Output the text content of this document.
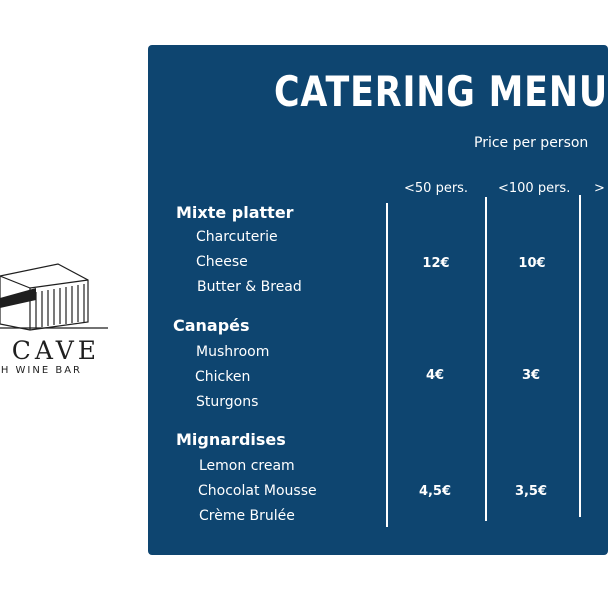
CAVE
H WINE BAR
CATERING MENU
Price per person
<50 pers. <100 pers. >
Mixte platter
Charcuterie
Cheese
Butter & Bread
12€	10€
Canapés
Mushroom
Chicken
Sturgons
4€	3€
Mignardises
Lemon cream
Chocolat Mousse
Crème Brulée
4,5€	3,5€
